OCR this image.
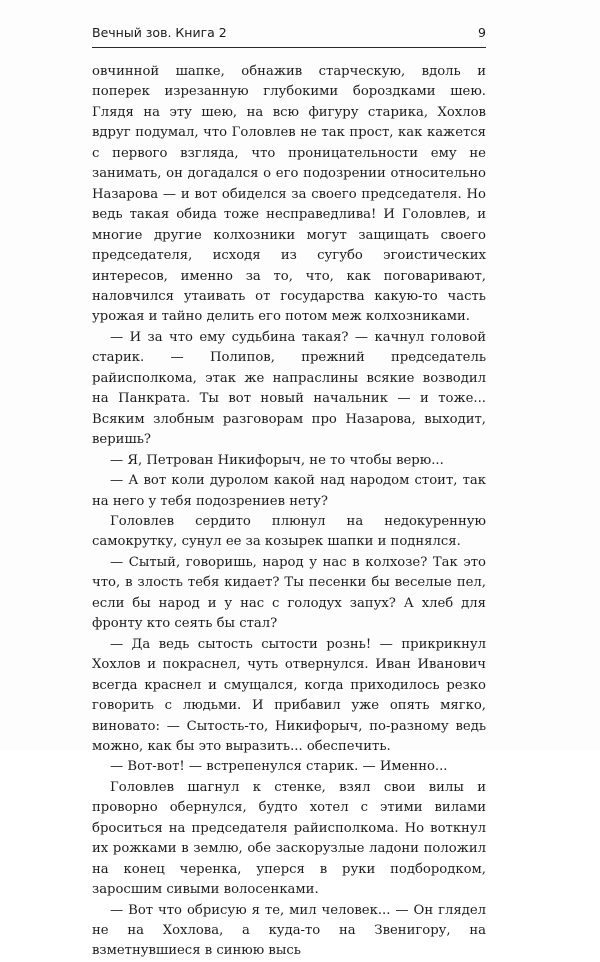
Вечный зов. Книга 2	9

овчинной шапке, обнажив старческую, вдоль и поперек изрезанную глубокими бороздками шею. Глядя на эту шею, на всю фигуру старика, Хохлов вдруг подумал, что Головлев не так прост, как кажется с первого взгляда, что проницательности ему не занимать, он догадался о его подозрении относительно Назарова — и вот обиделся за своего председателя. Но ведь такая обида тоже несправедлива! И Головлев, и многие другие колхозники могут защищать своего председателя, исходя из сугубо эгоистических интересов, именно за то, что, как поговаривают, наловчился утаивать от государства какую-то часть урожая и тайно делить его потом меж колхозниками.

— И за что ему судьбина такая? — качнул головой старик. — Полипов, прежний председатель райисполкома, этак же напраслины всякие возводил на Панкрата. Ты вот новый начальник — и тоже... Всяким злобным разговорам про Назарова, выходит, веришь?

— Я, Петрован Никифорыч, не то чтобы верю...

— А вот коли дуролом какой над народом стоит, так на него у тебя подозрениев нету?

Головлев сердито плюнул на недокуренную самокрутку, сунул ее за козырек шапки и поднялся.

— Сытый, говоришь, народ у нас в колхозе? Так это что, в злость тебя кидает? Ты песенки бы веселые пел, если бы народ и у нас с голодух запух? А хлеб для фронту кто сеять бы стал?

— Да ведь сытость сытости рознь! — прикрикнул Хохлов и покраснел, чуть отвернулся. Иван Иванович всегда краснел и смущался, когда приходилось резко говорить с людьми. И прибавил уже опять мягко, виновато: — Сытость-то, Никифорыч, по-разному ведь можно, как бы это выразить... обеспечить.

— Вот-вот! — встрепенулся старик. — Именно...

Головлев шагнул к стенке, взял свои вилы и проворно обернулся, будто хотел с этими вилами броситься на председателя райисполкома. Но воткнул их рожками в землю, обе заскорузлые ладони положил на конец черенка, уперся в руки подбородком, заросшим сивыми волосенками.

— Вот что обрисую я те, мил человек... — Он глядел не на Хохлова, а куда-то на Звенигору, на взметнувшиеся в синюю высь
